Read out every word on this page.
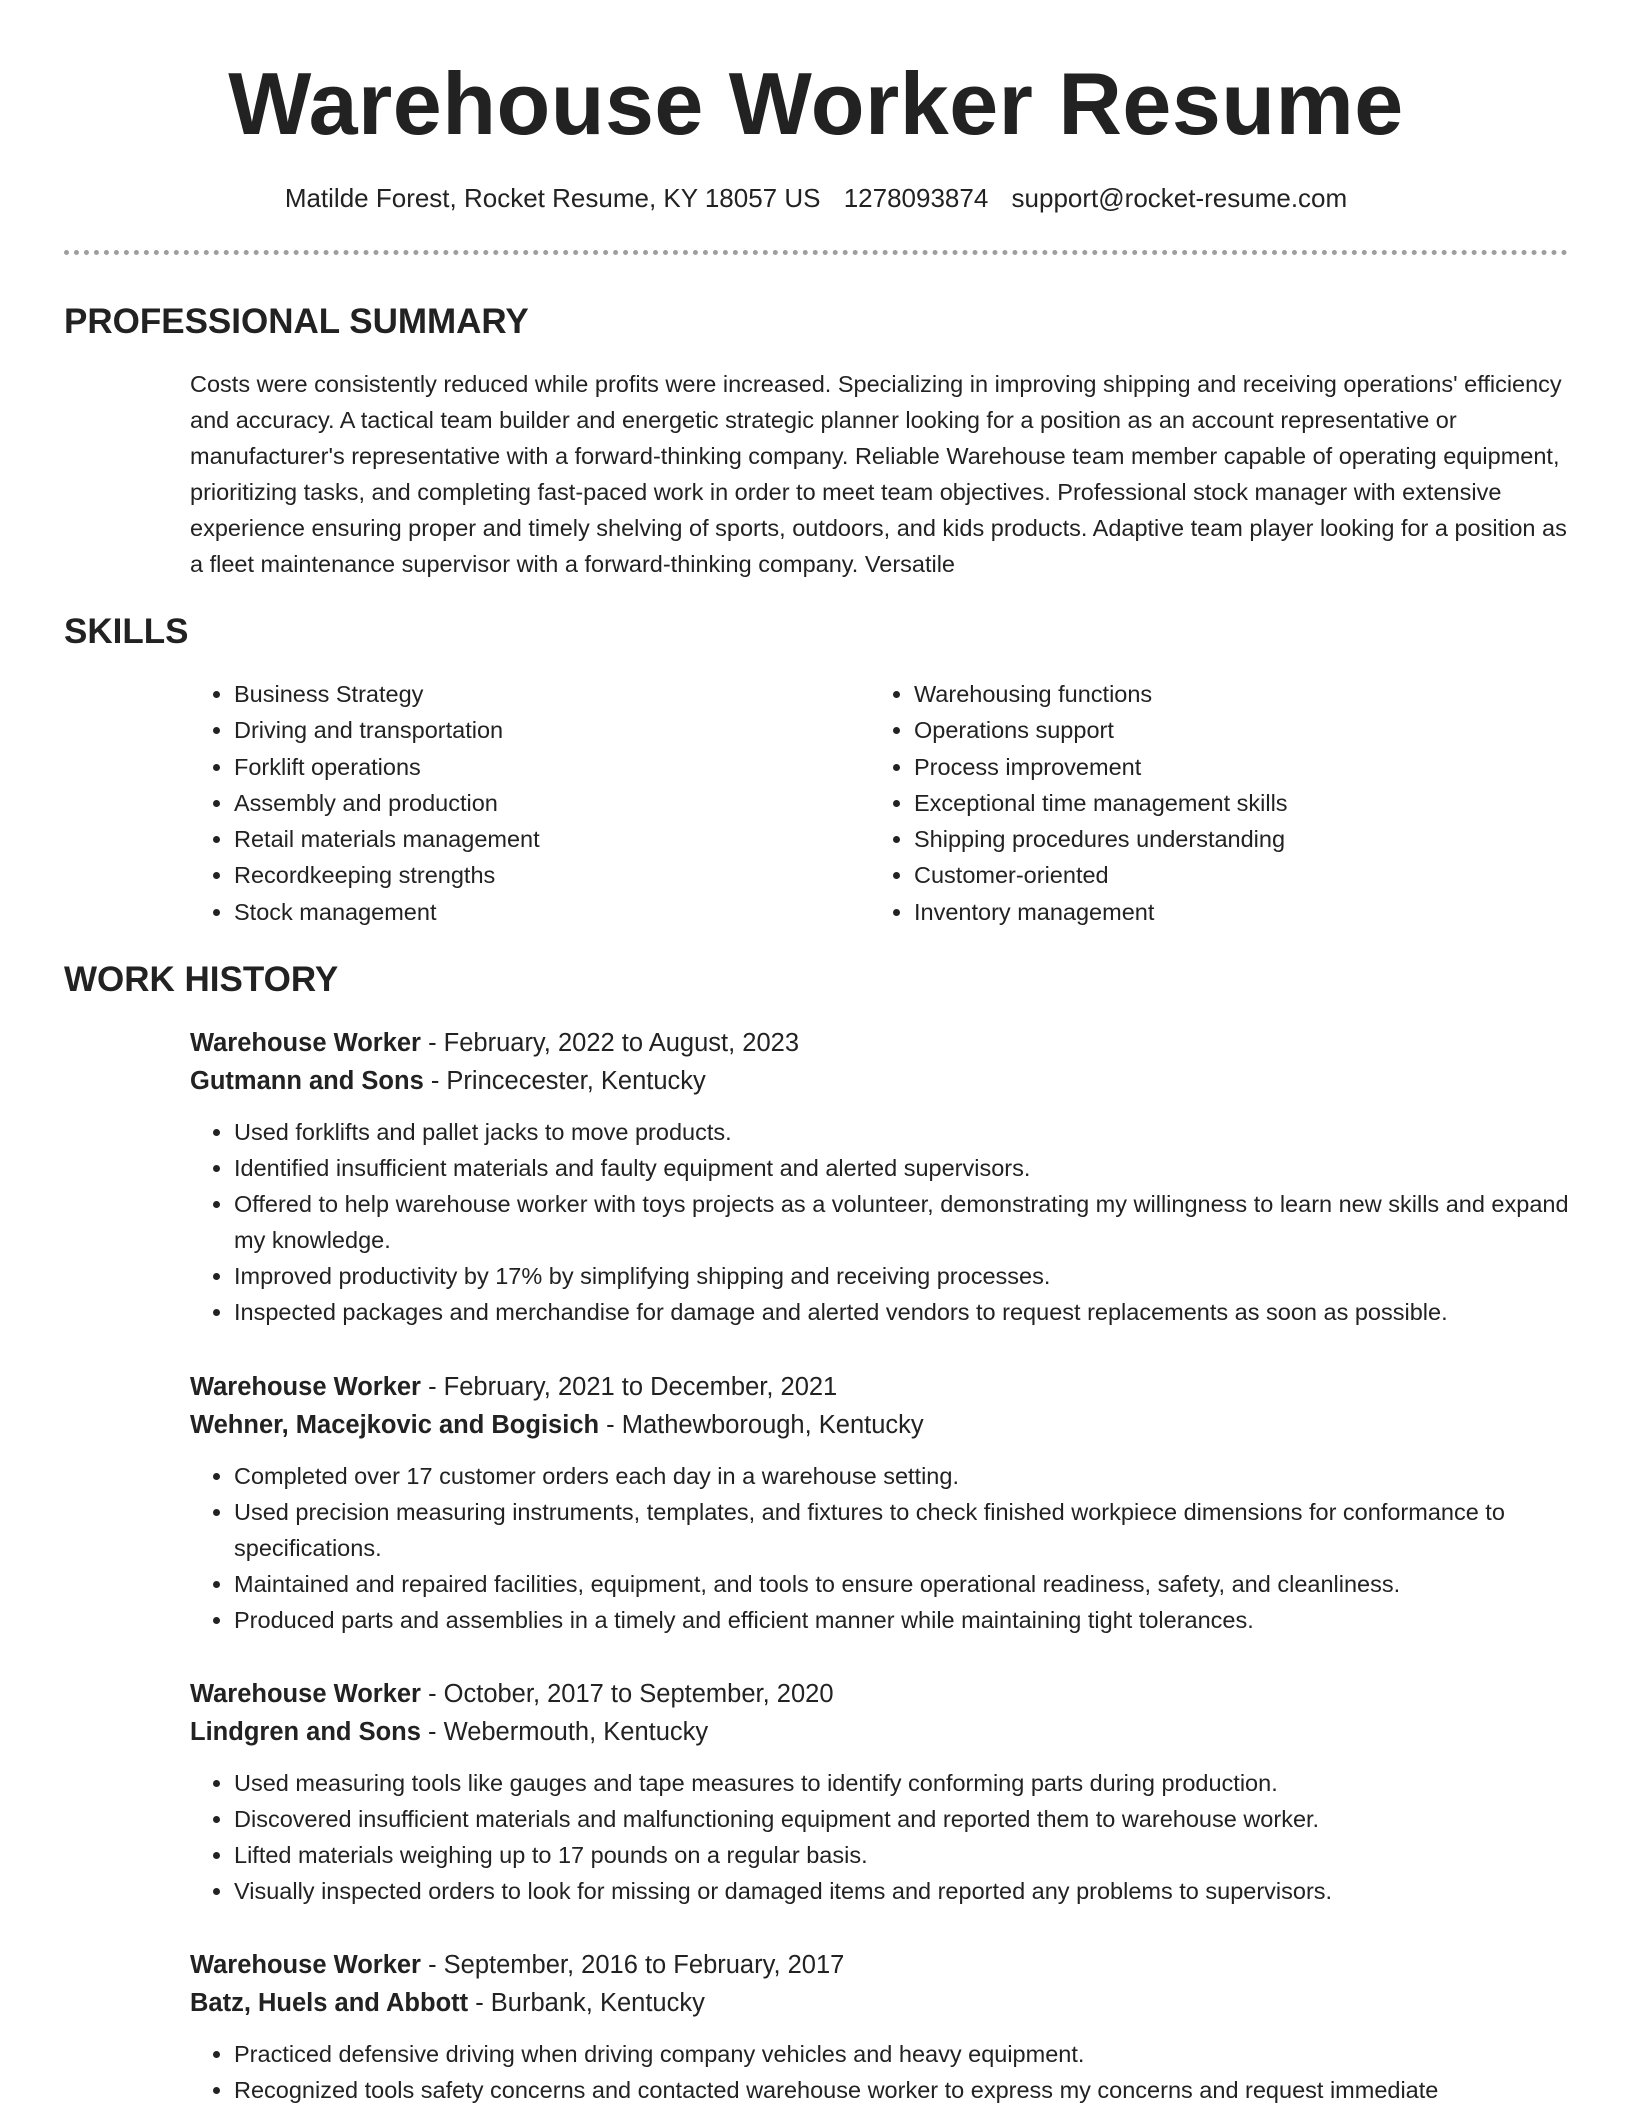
Warehouse Worker Resume
Matilde Forest, Rocket Resume, KY 18057 US 1278093874 support@rocket-resume.com
PROFESSIONAL SUMMARY

Costs were consistently reduced while profits were increased. Specializing in improving shipping and receiving operations' efficiency and accuracy. A tactical team builder and energetic strategic planner looking for a position as an account representative or manufacturer's representative with a forward-thinking company. Reliable Warehouse team member capable of operating equipment, prioritizing tasks, and completing fast-paced work in order to meet team objectives. Professional stock manager with extensive experience ensuring proper and timely shelving of sports, outdoors, and kids products. Adaptive team player looking for a position as a fleet maintenance supervisor with a forward-thinking company. Versatile

SKILLS
• Business Strategy
• Driving and transportation
• Forklift operations
• Assembly and production
• Retail materials management
• Recordkeeping strengths
• Stock management
• Warehousing functions
• Operations support
• Process improvement
• Exceptional time management skills
• Shipping procedures understanding
• Customer-oriented
• Inventory management
WORK HISTORY

Warehouse Worker - February, 2022 to August, 2023

Gutmann and Sons - Princecester, Kentucky

• Used forklifts and pallet jacks to move products.
• Identified insufficient materials and faulty equipment and alerted supervisors.
• Offered to help warehouse worker with toys projects as a volunteer, demonstrating my willingness to learn new skills and expand my knowledge.
• Improved productivity by 17% by simplifying shipping and receiving processes.
• Inspected packages and merchandise for damage and alerted vendors to request replacements as soon as possible.

Warehouse Worker - February, 2021 to December, 2021

Wehner, Macejkovic and Bogisich - Mathewborough, Kentucky

• Completed over 17 customer orders each day in a warehouse setting.
• Used precision measuring instruments, templates, and fixtures to check finished workpiece dimensions for conformance to specifications.
• Maintained and repaired facilities, equipment, and tools to ensure operational readiness, safety, and cleanliness.
• Produced parts and assemblies in a timely and efficient manner while maintaining tight tolerances.

Warehouse Worker - October, 2017 to September, 2020

Lindgren and Sons - Webermouth, Kentucky

• Used measuring tools like gauges and tape measures to identify conforming parts during production.
• Discovered insufficient materials and malfunctioning equipment and reported them to warehouse worker.
• Lifted materials weighing up to 17 pounds on a regular basis.
• Visually inspected orders to look for missing or damaged items and reported any problems to supervisors.

Warehouse Worker - September, 2016 to February, 2017

Batz, Huels and Abbott - Burbank, Kentucky

• Practiced defensive driving when driving company vehicles and heavy equipment.
• Recognized tools safety concerns and contacted warehouse worker to express my concerns and request immediate
